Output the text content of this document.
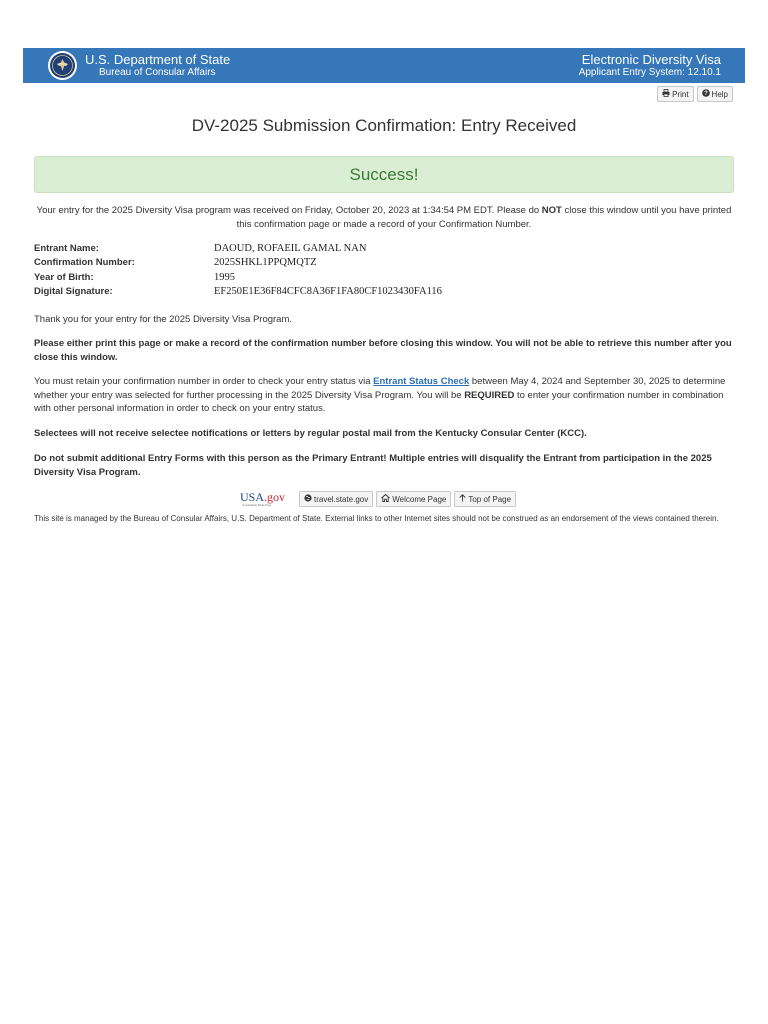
U.S. Department of State
Bureau of Consular Affairs
Electronic Diversity Visa
Applicant Entry System: 12.10.1
Print	? Help
DV-2025 Submission Confirmation: Entry Received
Success!
Your entry for the 2025 Diversity Visa program was received on Friday, October 20, 2023 at 1:34:54 PM EDT. Please do NOT close this window until you have printed this confirmation page or made a record of your Confirmation Number.
Entrant Name:	DAOUD, ROFAEIL GAMAL NAN
Confirmation Number:	2025SHKL1PPQMQTZ
Year of Birth:	1995
Digital Signature:	EF250E1E36F84CFC8A36F1FA80CF1023430FA116
Thank you for your entry for the 2025 Diversity Visa Program.
Please either print this page or make a record of the confirmation number before closing this window. You will not be able to retrieve this number after you close this window.
You must retain your confirmation number in order to check your entry status via Entrant Status Check between May 4, 2024 and September 30, 2025 to determine whether your entry was selected for further processing in the 2025 Diversity Visa Program. You will be REQUIRED to enter your confirmation number in combination with other personal information in order to check on your entry status.
Selectees will not receive selectee notifications or letters by regular postal mail from the Kentucky Consular Center (KCC).
Do not submit additional Entry Forms with this person as the Primary Entrant! Multiple entries will disqualify the Entrant from participation in the 2025 Diversity Visa Program.
USA.gov
Government Made Easy
travel.state.gov	Welcome Page	Top of Page
This site is managed by the Bureau of Consular Affairs, U.S. Department of State. External links to other Internet sites should not be construed as an endorsement of the views contained therein.
